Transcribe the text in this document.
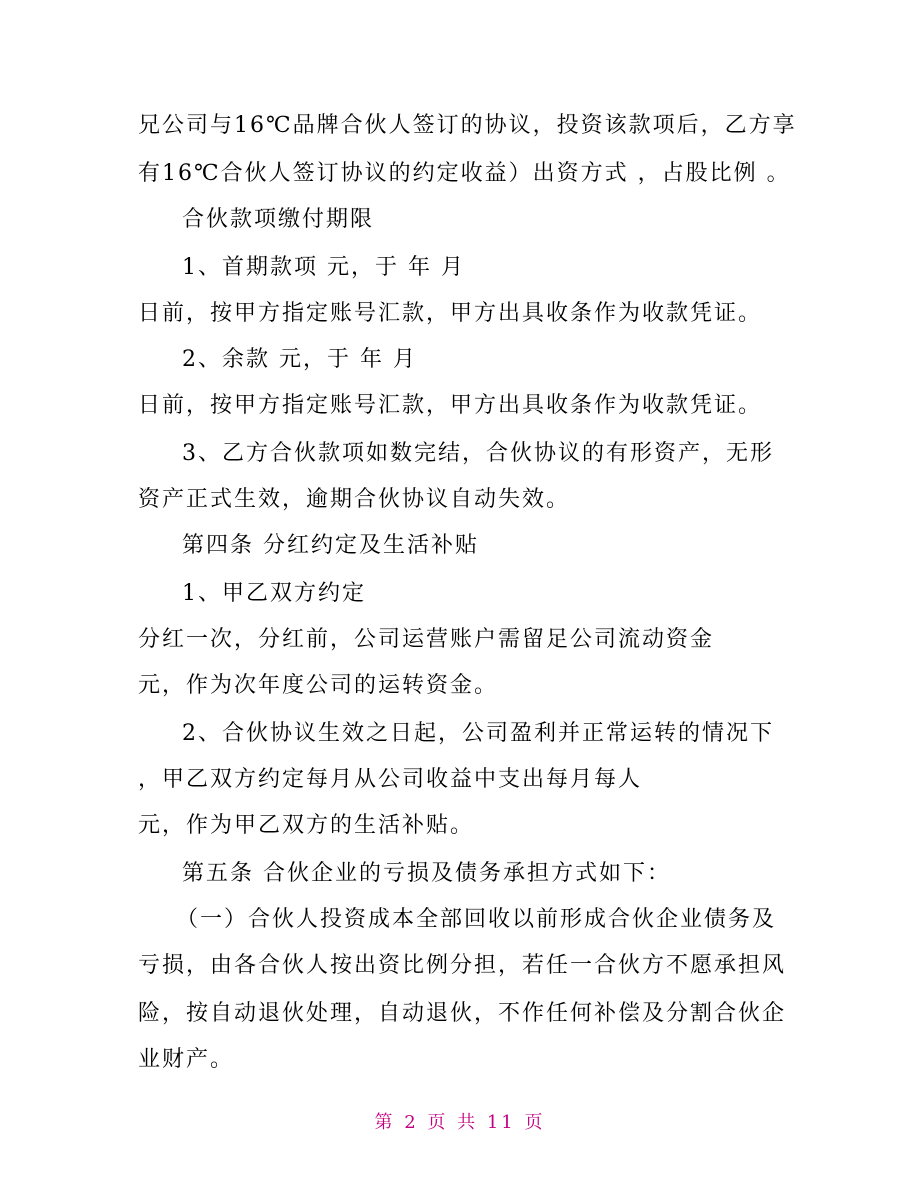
兄公司与16℃品牌合伙人签订的协议，投资该款项后，乙方享
有16℃合伙人签订协议的约定收益）出资方式 ，占股比例 。
合伙款项缴付期限
1、首期款项 元，于 年 月
日前，按甲方指定账号汇款，甲方出具收条作为收款凭证。
2、余款 元，于 年 月
日前，按甲方指定账号汇款，甲方出具收条作为收款凭证。
3、乙方合伙款项如数完结，合伙协议的有形资产，无形
资产正式生效，逾期合伙协议自动失效。
第四条 分红约定及生活补贴
1、甲乙双方约定
分红一次，分红前，公司运营账户需留足公司流动资金
元，作为次年度公司的运转资金。
2、合伙协议生效之日起，公司盈利并正常运转的情况下
，甲乙双方约定每月从公司收益中支出每月每人
元，作为甲乙双方的生活补贴。
第五条 合伙企业的亏损及债务承担方式如下：
（一）合伙人投资成本全部回收以前形成合伙企业债务及
亏损，由各合伙人按出资比例分担，若任一合伙方不愿承担风
险，按自动退伙处理，自动退伙，不作任何补偿及分割合伙企
业财产。
第 2 页 共 11 页
